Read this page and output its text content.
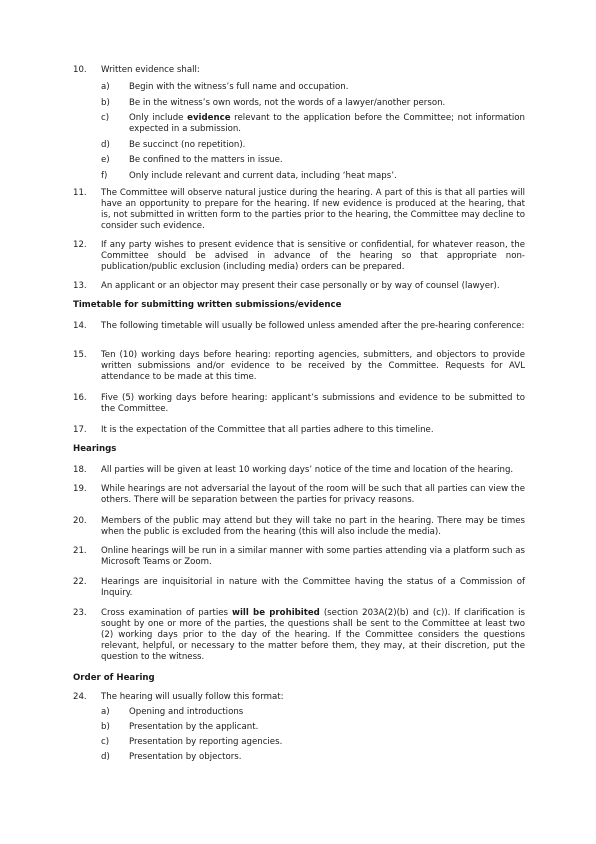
10.	Written evidence shall:
a)	Begin with the witness’s full name and occupation.
b)	Be in the witness’s own words, not the words of a lawyer/another person.
c)	Only include evidence relevant to the application before the Committee; not information expected in a submission.
d)	Be succinct (no repetition).
e)	Be confined to the matters in issue.
f)	Only include relevant and current data, including ‘heat maps’.
11.	The Committee will observe natural justice during the hearing. A part of this is that all parties will have an opportunity to prepare for the hearing. If new evidence is produced at the hearing, that is, not submitted in written form to the parties prior to the hearing, the Committee may decline to consider such evidence.
12.	If any party wishes to present evidence that is sensitive or confidential, for whatever reason, the Committee should be advised in advance of the hearing so that appropriate non-publication/public exclusion (including media) orders can be prepared.
13.	An applicant or an objector may present their case personally or by way of counsel (lawyer).
Timetable for submitting written submissions/evidence
14.	The following timetable will usually be followed unless amended after the pre-hearing conference:
15.	Ten (10) working days before hearing: reporting agencies, submitters, and objectors to provide written submissions and/or evidence to be received by the Committee. Requests for AVL attendance to be made at this time.
16.	Five (5) working days before hearing: applicant’s submissions and evidence to be submitted to the Committee.
17.	It is the expectation of the Committee that all parties adhere to this timeline.
Hearings
18.	All parties will be given at least 10 working days’ notice of the time and location of the hearing.
19.	While hearings are not adversarial the layout of the room will be such that all parties can view the others. There will be separation between the parties for privacy reasons.
20.	Members of the public may attend but they will take no part in the hearing. There may be times when the public is excluded from the hearing (this will also include the media).
21.	Online hearings will be run in a similar manner with some parties attending via a platform such as Microsoft Teams or Zoom.
22.	Hearings are inquisitorial in nature with the Committee having the status of a Commission of Inquiry.
23.	Cross examination of parties will be prohibited (section 203A(2)(b) and (c)). If clarification is sought by one or more of the parties, the questions shall be sent to the Committee at least two (2) working days prior to the day of the hearing. If the Committee considers the questions relevant, helpful, or necessary to the matter before them, they may, at their discretion, put the question to the witness.
Order of Hearing
24.	The hearing will usually follow this format:
a)	Opening and introductions
b)	Presentation by the applicant.
c)	Presentation by reporting agencies.
d)	Presentation by objectors.
